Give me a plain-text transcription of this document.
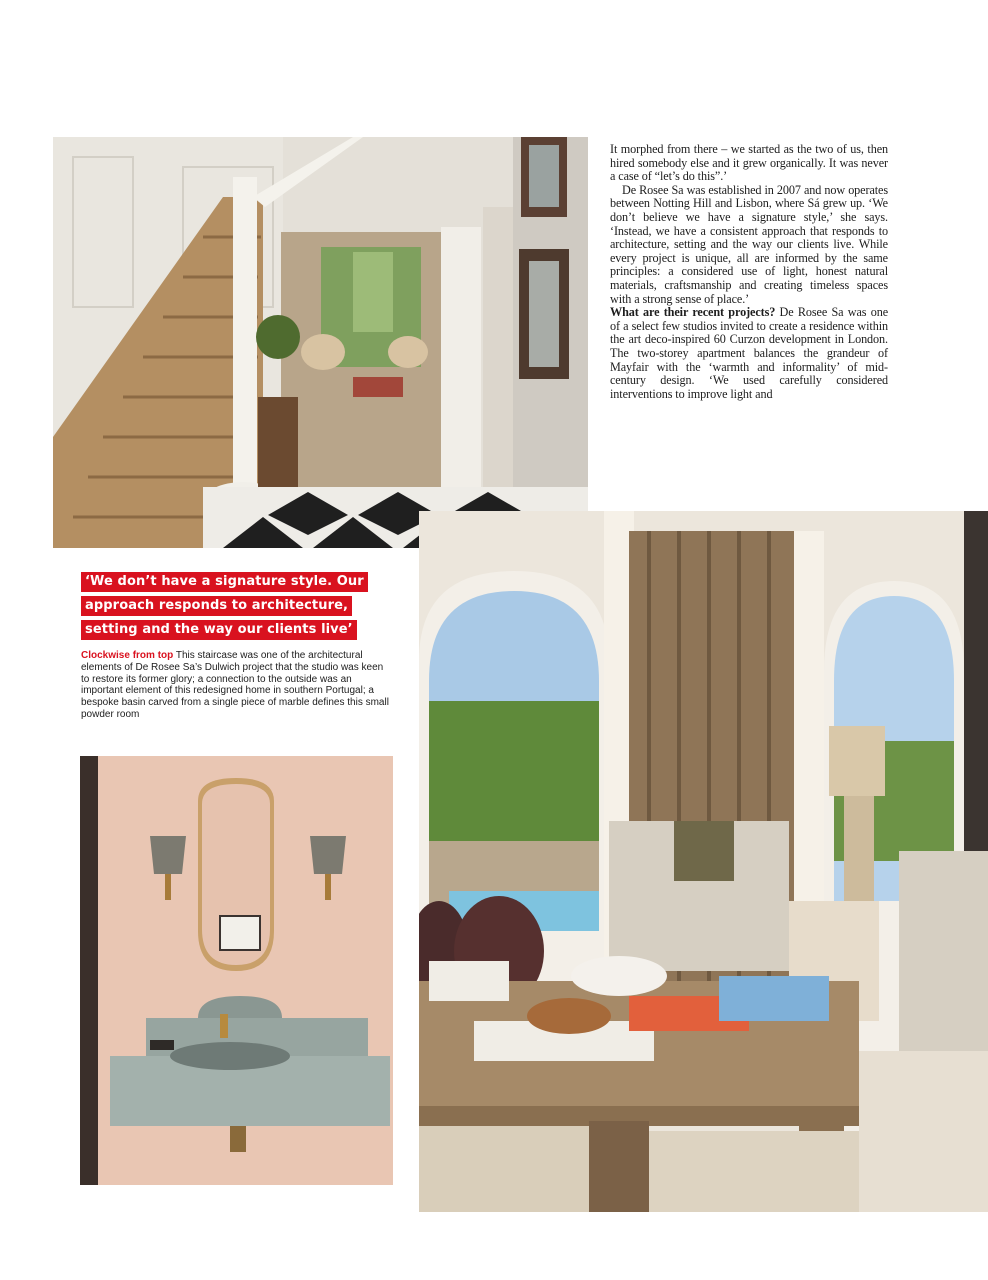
It morphed from there – we started as the two of us, then hired somebody else and it grew organically. It was never a case of “let’s do this”.’

De Rosee Sa was established in 2007 and now operates between Notting Hill and Lisbon, where Sá grew up. ‘We don’t believe we have a signature style,’ she says. ‘Instead, we have a consistent approach that responds to architecture, setting and the way our clients live. While every project is unique, all are informed by the same principles: a considered use of light, honest natural materials, craftsmanship and creating timeless spaces with a strong sense of place.’

What are their recent projects? De Rosee Sa was one of a select few studios invited to create a residence within the art deco-inspired 60 Curzon development in London. The two-storey apartment balances the grandeur of Mayfair with the ‘warmth and informality’ of mid-century design. ‘We used carefully considered interventions to improve light and

‘We don’t have a signature style. Our
approach responds to architecture,
setting and the way our clients live’
Clockwise from top This staircase was one of the architectural elements of De Rosee Sa’s Dulwich project that the studio was keen to restore its former glory; a connection to the outside was an important element of this redesigned home in southern Portugal; a bespoke basin carved from a single piece of marble defines this small powder room
